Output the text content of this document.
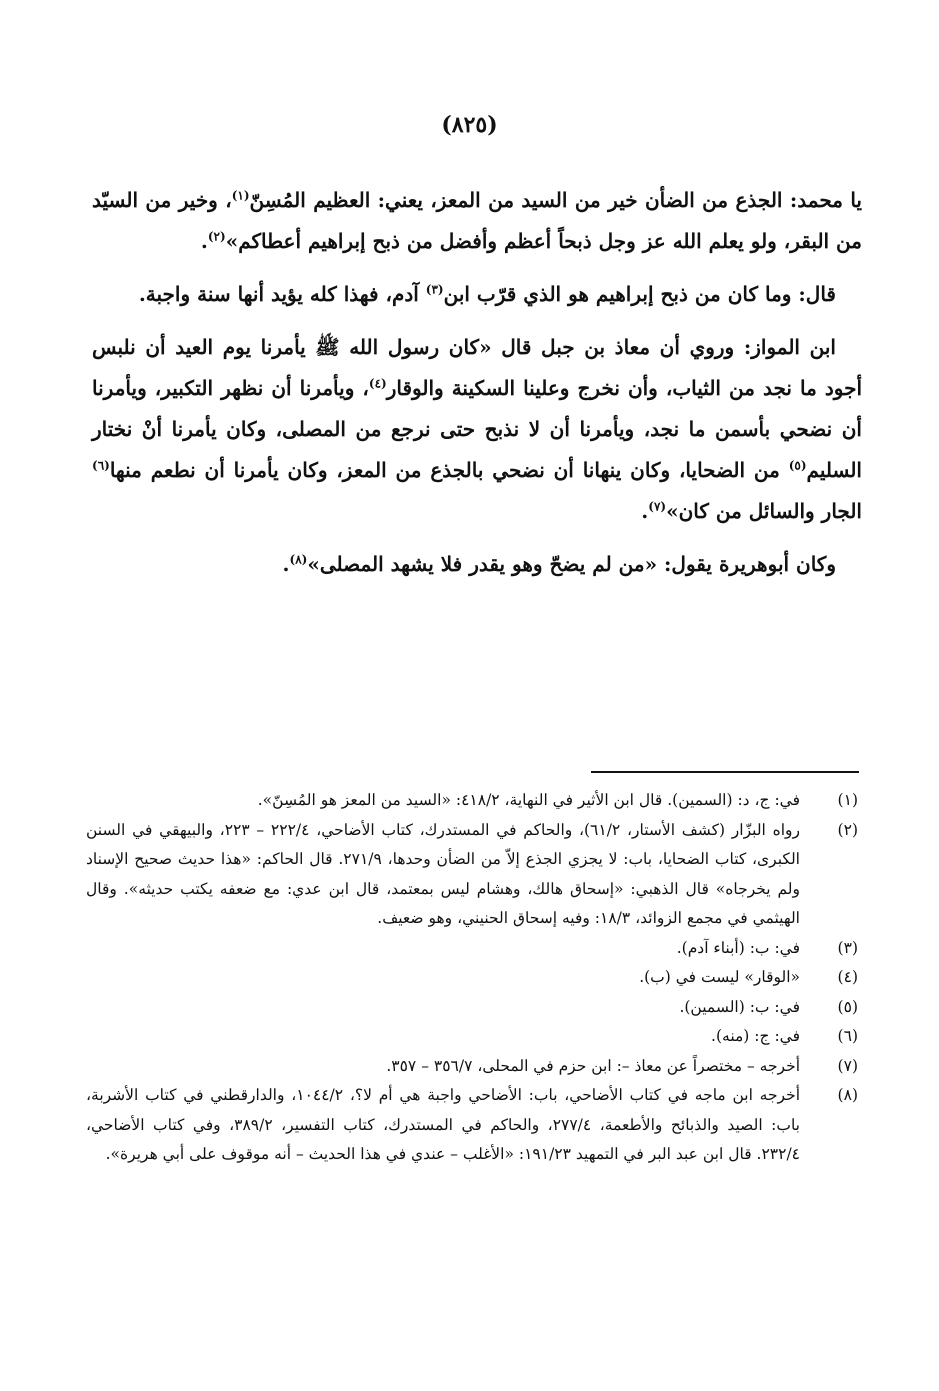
(٨٢٥)

يا محمد: الجذع من الضأن خير من السيد من المعز، يعني: العظيم المُسِنّ$^{(١)}$، وخير من السيّد من البقر، ولو يعلم الله عز وجل ذبحاً أعظم وأفضل من ذبح إبراهيم أعطاكم»$^{(٢)}$.

قال: وما كان من ذبح إبراهيم هو الذي قرّب ابن$^{(٣)}$ آدم، فهذا كله يؤيد أنها سنة واجبة.

ابن المواز: وروي أن معاذ بن جبل قال «كان رسول الله ﷺ يأمرنا يوم العيد أن نلبس أجود ما نجد من الثياب، وأن نخرج وعلينا السكينة والوقار$^{(٤)}$، ويأمرنا أن نظهر التكبير، ويأمرنا أن نضحي بأسمن ما نجد، ويأمرنا أن لا نذبح حتى نرجع من المصلى، وكان يأمرنا أنْ نختار السليم$^{(٥)}$ من الضحايا، وكان ينهانا أن نضحي بالجذع من المعز، وكان يأمرنا أن نطعم منها$^{(٦)}$ الجار والسائل من كان»$^{(٧)}$.

وكان أبوهريرة يقول: «من لم يضحّ وهو يقدر فلا يشهد المصلى»$^{(٨)}$.

(١)
في: ج، د: (السمين). قال ابن الأثير في النهاية، ٤١٨/٢: «السيد من المعز هو المُسِنّ».
(٢)
رواه البزّار (كشف الأستار، ٦١/٢)، والحاكم في المستدرك، كتاب الأضاحي، ٢٢٢/٤ – ٢٢٣، والبيهقي في السنن الكبرى، كتاب الضحايا، باب: لا يجزي الجذع إلاّ من الضأن وحدها، ٢٧١/٩. قال الحاكم: «هذا حديث صحيح الإسناد ولم يخرجاه» قال الذهبي: «إسحاق هالك، وهشام ليس بمعتمد، قال ابن عدي: مع ضعفه يكتب حديثه». وقال الهيثمي في مجمع الزوائد، ١٨/٣: وفيه إسحاق الحنيني، وهو ضعيف.
(٣)
في: ب: (أبناء آدم).
(٤)
«الوقار» ليست في (ب).
(٥)
في: ب: (السمين).
(٦)
في: ج: (منه).
(٧)
أخرجه – مختصراً عن معاذ –: ابن حزم في المحلى، ٣٥٦/٧ – ٣٥٧.
(٨)
أخرجه ابن ماجه في كتاب الأضاحي، باب: الأضاحي واجبة هي أم لا؟، ١٠٤٤/٢، والدارقطني في كتاب الأشربة، باب: الصيد والذبائح والأطعمة، ٢٧٧/٤، والحاكم في المستدرك، كتاب التفسير، ٣٨٩/٢، وفي كتاب الأضاحي، ٢٣٢/٤. قال ابن عبد البر في التمهيد ١٩١/٢٣: «الأغلب – عندي في هذا الحديث – أنه موقوف على أبي هريرة».
